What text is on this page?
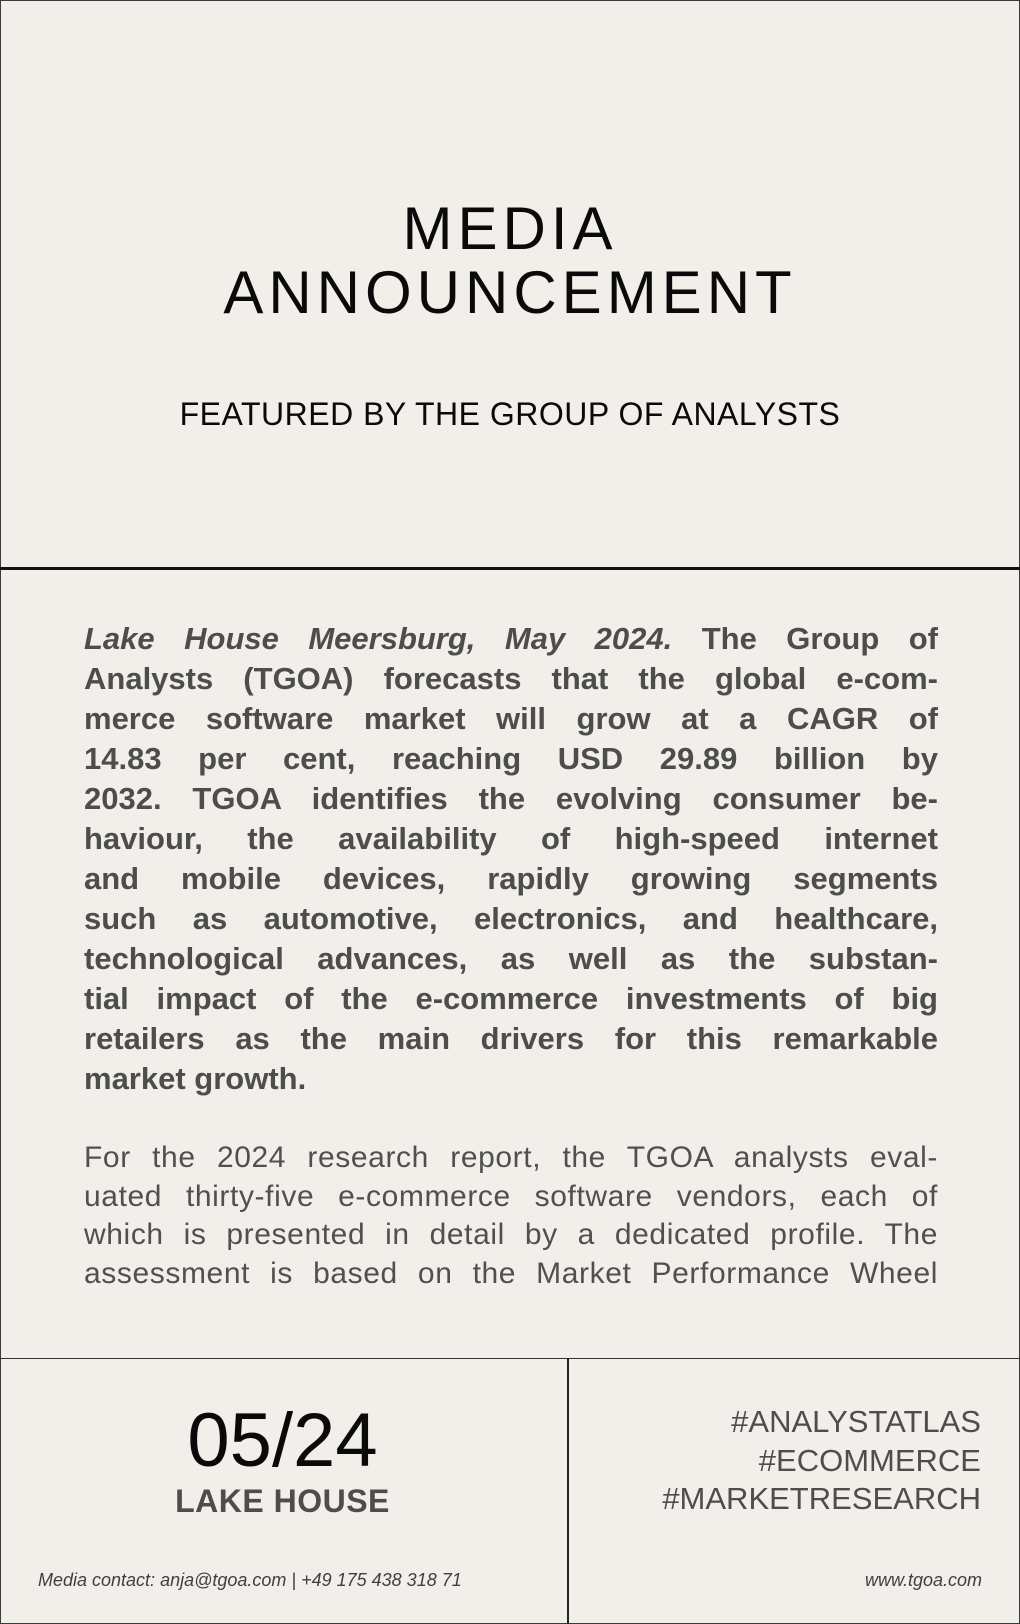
MEDIA
ANNOUNCEMENT
FEATURED BY THE GROUP OF ANALYSTS
Lake House Meersburg, May 2024. The Group of
Analysts (TGOA) forecasts that the global e-com-
merce software market will grow at a CAGR of
14.83 per cent, reaching USD 29.89 billion by
2032. TGOA identifies the evolving consumer be-
haviour, the availability of high-speed internet
and mobile devices, rapidly growing segments
such as automotive, electronics, and healthcare,
technological advances, as well as the substan-
tial impact of the e-commerce investments of big
retailers as the main drivers for this remarkable
market growth.
For the 2024 research report, the TGOA analysts eval-
uated thirty-five e-commerce software vendors, each of
which is presented in detail by a dedicated profile. The
assessment is based on the Market Performance Wheel
05/24
LAKE HOUSE
#ANALYSTATLAS
#ECOMMERCE
#MARKETRESEARCH
Media contact: anja@tgoa.com | +49 175 438 318 71	www.tgoa.com
